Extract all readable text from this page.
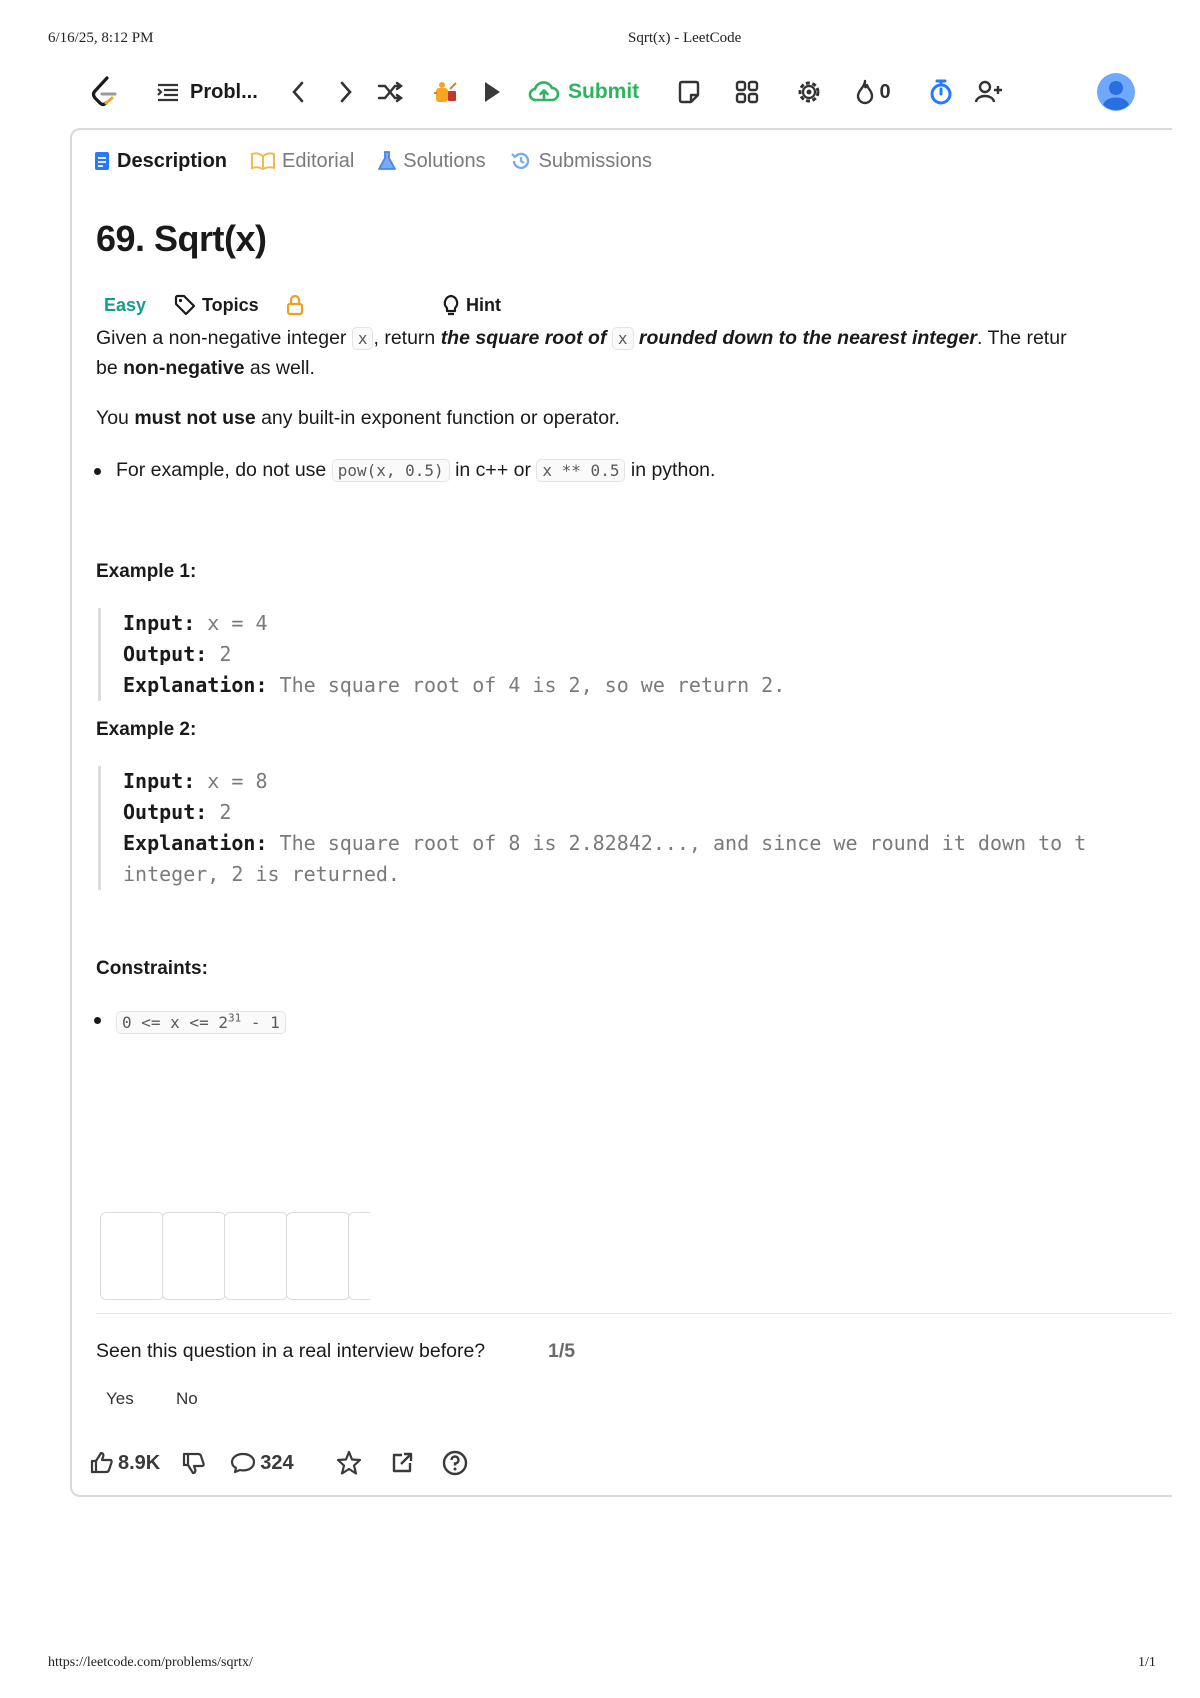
6/16/25, 8:12 PM	Sqrt(x) - LeetCode
https://leetcode.com/problems/sqrtx/	1/1
Probl...	Submit	0
Description	Editorial Solutions	Submissions
69. Sqrt(x)
Easy	Topics	Hint
Given a non-negative integer x , return the square root of x rounded down to the nearest integer. The retur
be non-negative as well.
You must not use any built-in exponent function or operator.
For example, do not use pow(x, 0.5) in c++ or x ** 0.5 in python.
Example 1:
Input: x = 4
Output: 2
Explanation: The square root of 4 is 2, so we return 2.
Example 2:
Input: x = 8
Output: 2
Explanation: The square root of 8 is 2.82842..., and since we round it down to t
integer, 2 is returned.
Constraints:
$0 <= x <= 2^{31} - 1$
Seen this question in a real interview before?	1/5
Yes No
8.9K	324
